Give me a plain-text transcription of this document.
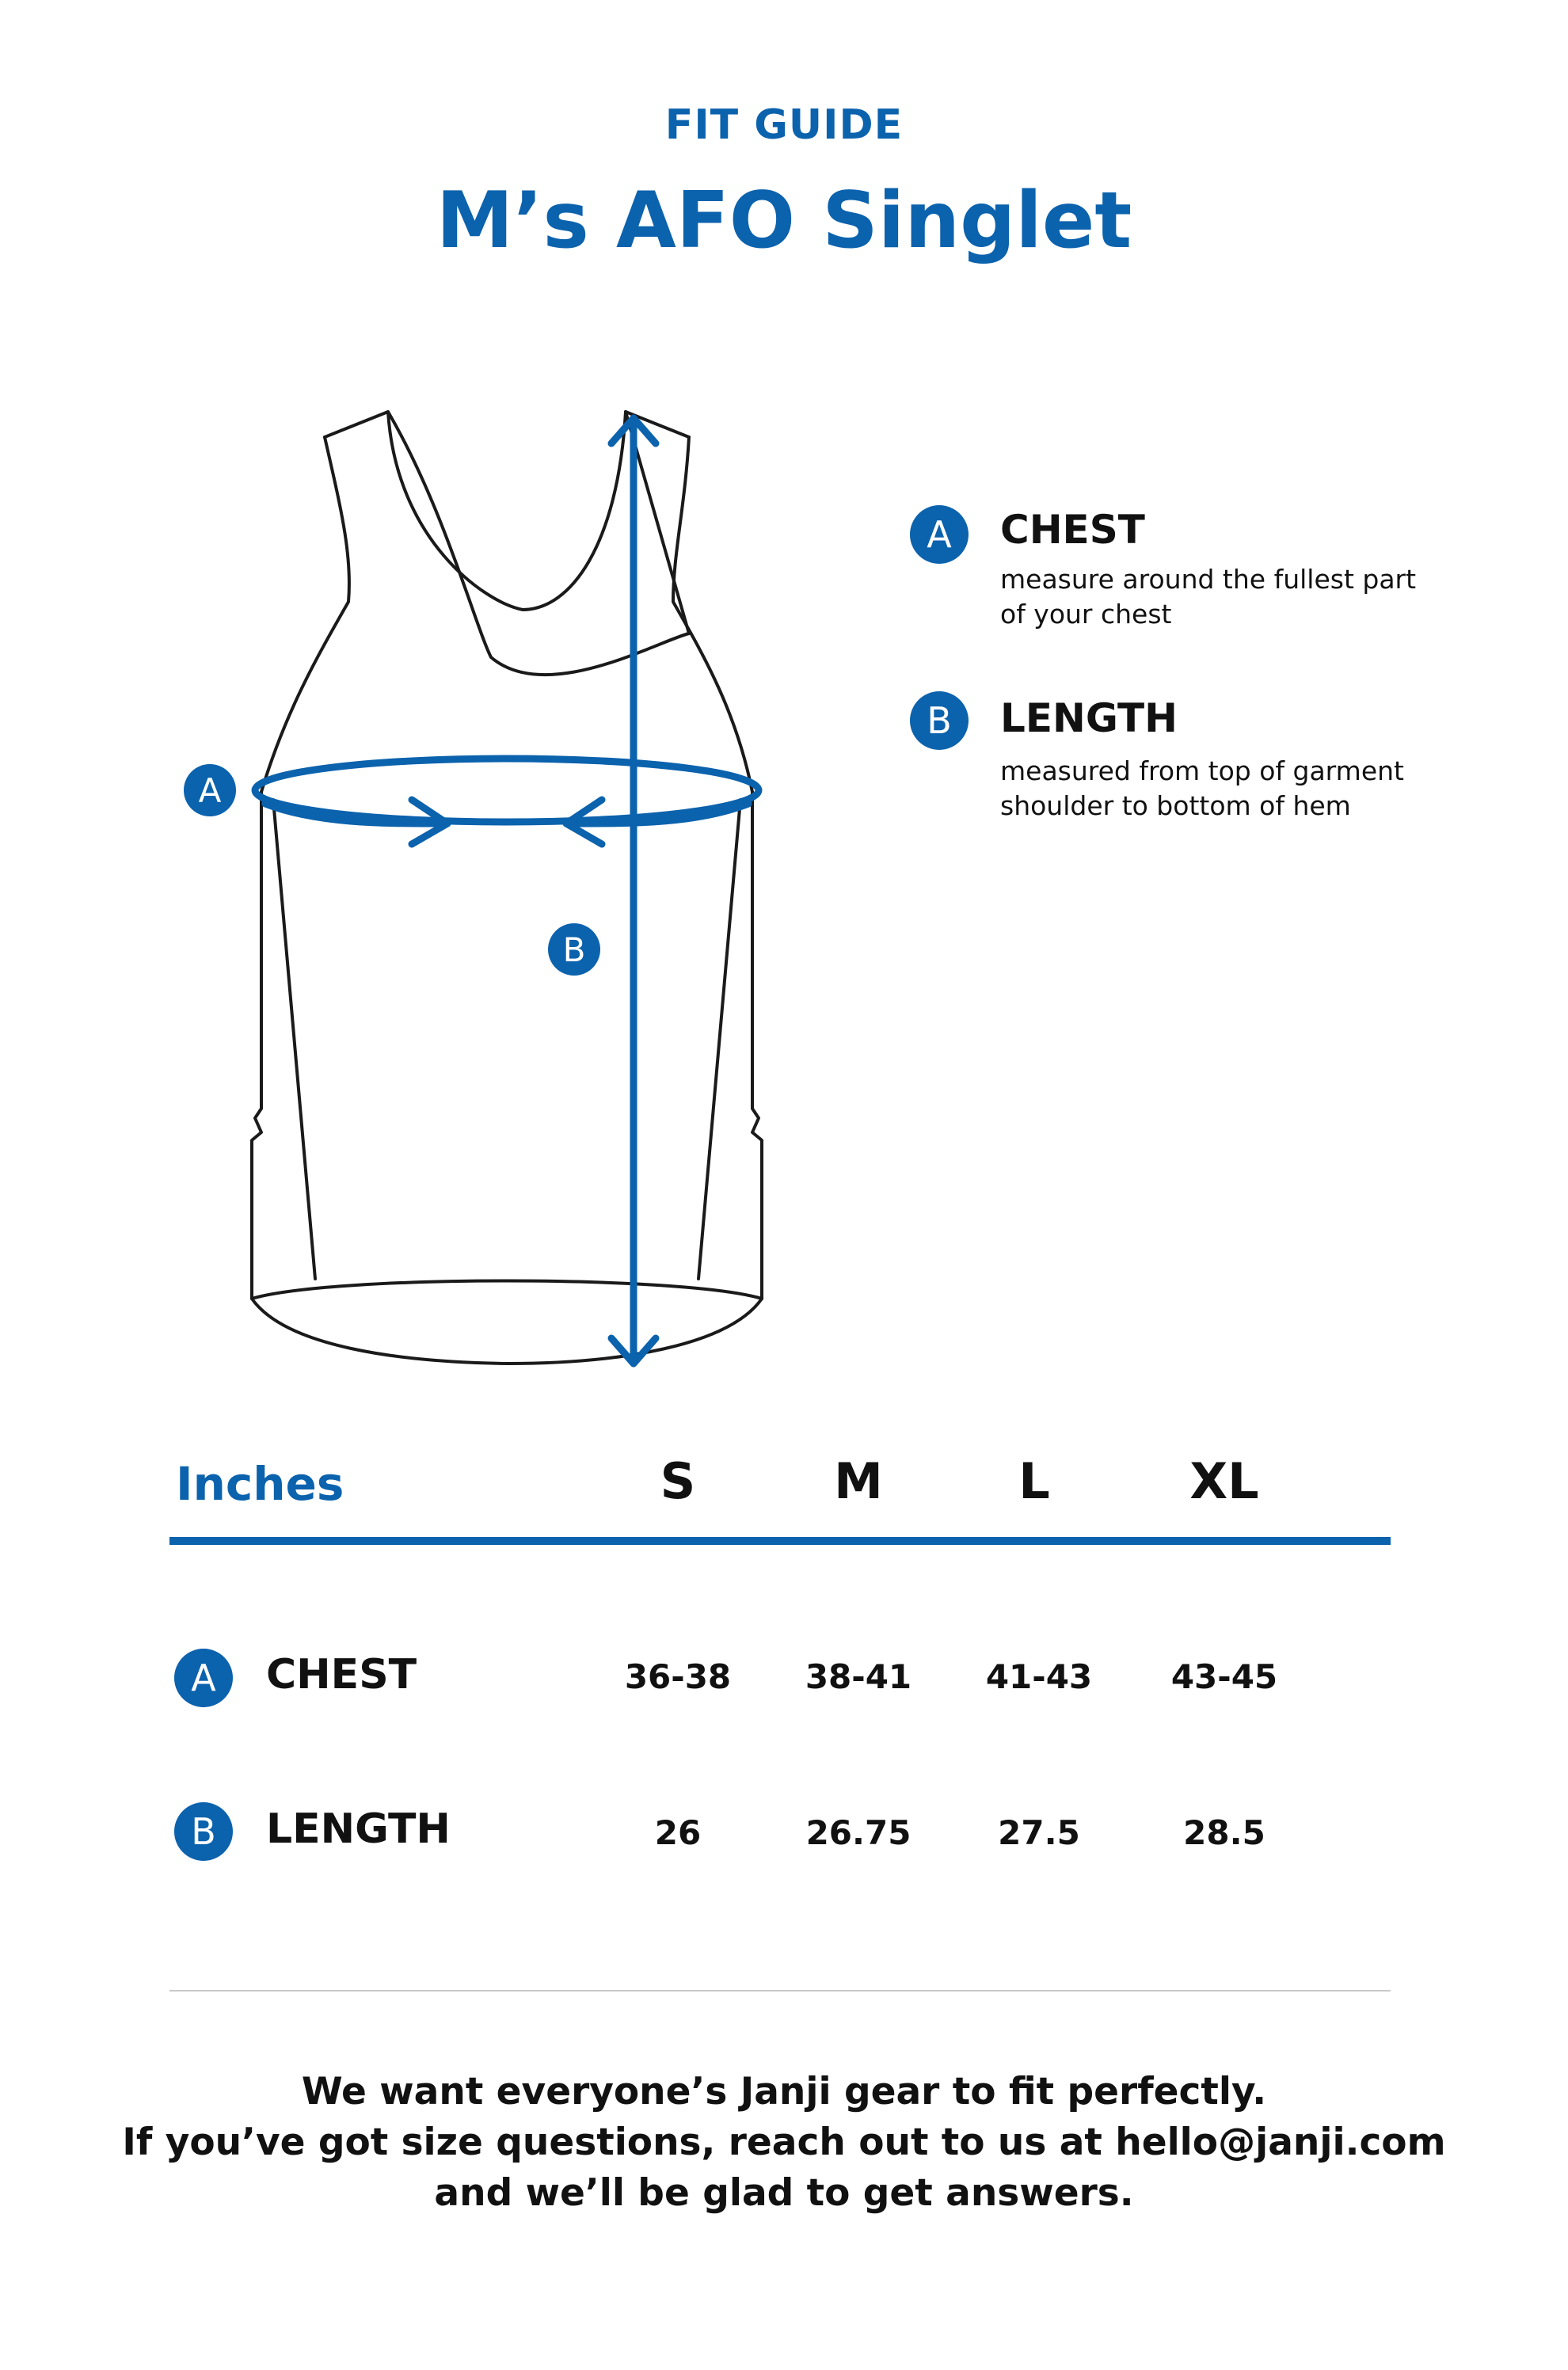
FIT GUIDE
M’s AFO Singlet
A
B
A	CHEST
measure around the fullest part
of your chest
B	LENGTH
measured from top of garment
shoulder to bottom of hem
Inches	S	M	L	XL
A	CHEST	36-38	38-41	41-43	43-45
B	LENGTH	26	26.75	27.5	28.5
We want everyone’s Janji gear to fit perfectly.
If you’ve got size questions, reach out to us at hello@janji.com
and we’ll be glad to get answers.
